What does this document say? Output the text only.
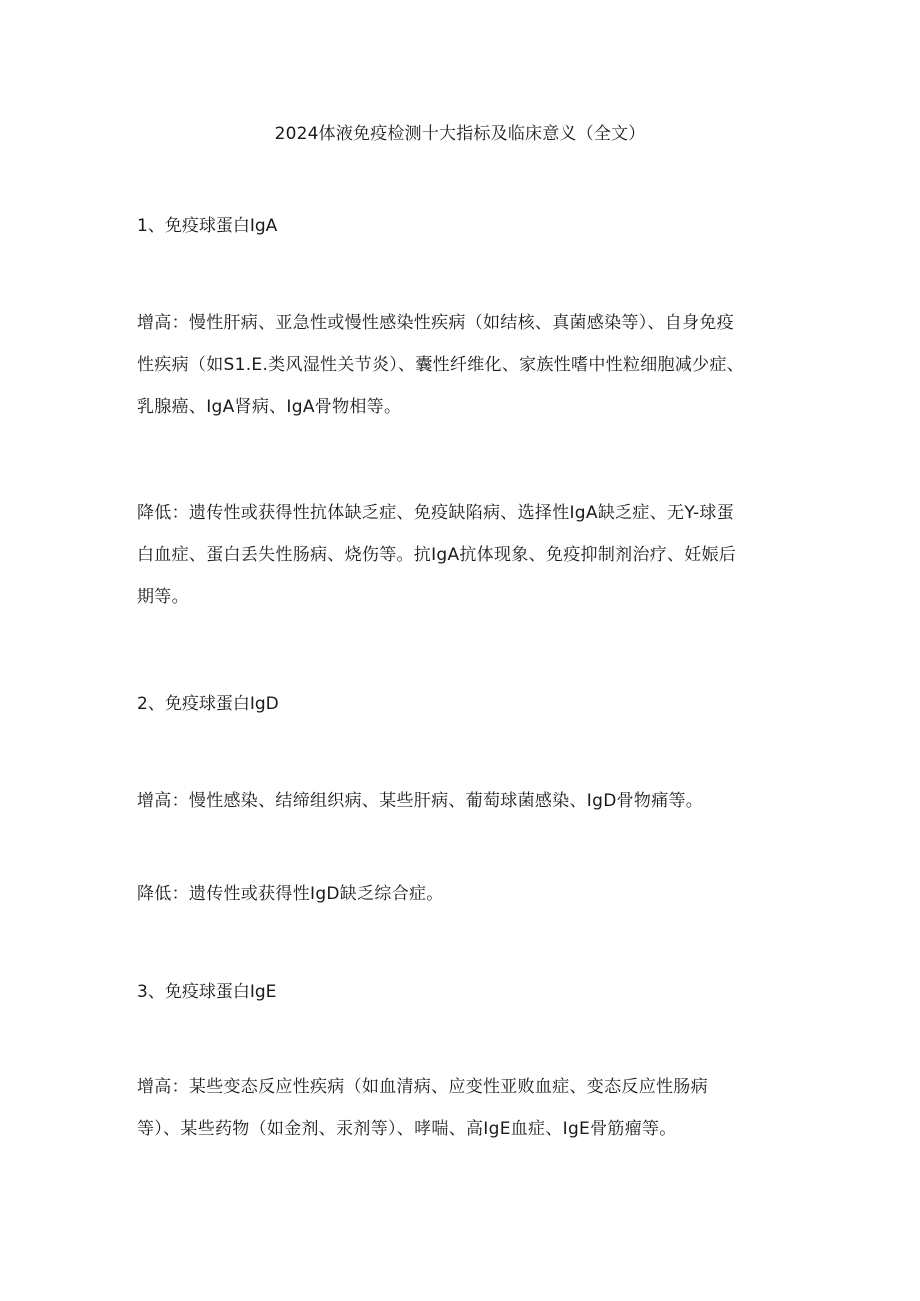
2024体液免疫检测十大指标及临床意义（全文）
1、免疫球蛋白IgA

增高：慢性肝病、亚急性或慢性感染性疾病（如结核、真菌感染等）、自身免疫
性疾病（如S1.E.类风湿性关节炎）、囊性纤维化、家族性嗜中性粒细胞减少症、
乳腺癌、IgA肾病、IgA骨物相等。

降低：遗传性或获得性抗体缺乏症、免疫缺陷病、选择性IgA缺乏症、无Y-球蛋
白血症、蛋白丢失性肠病、烧伤等。抗IgA抗体现象、免疫抑制剂治疗、妊娠后
期等。

2、免疫球蛋白IgD

增高：慢性感染、结缔组织病、某些肝病、葡萄球菌感染、IgD骨物痛等。

降低：遗传性或获得性IgD缺乏综合症。

3、免疫球蛋白IgE

增高：某些变态反应性疾病（如血清病、应变性亚败血症、变态反应性肠病
等）、某些药物（如金剂、汞剂等）、哮喘、高IgE血症、IgE骨筋瘤等。
